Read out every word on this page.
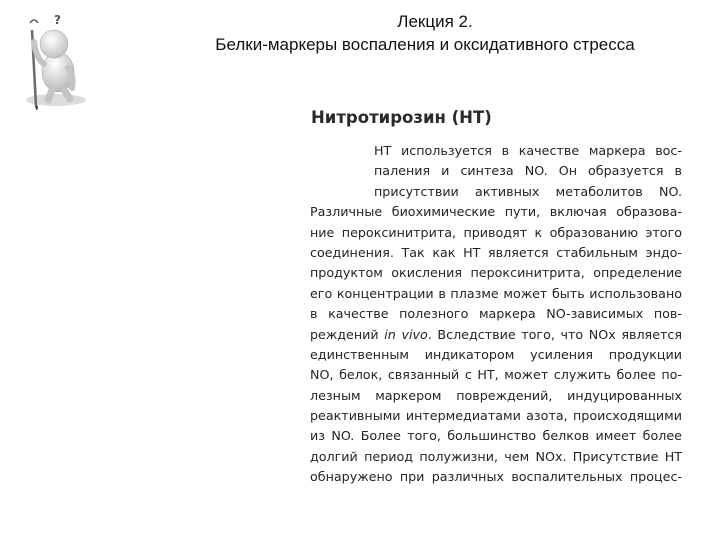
Лекция 2.
Белки-маркеры воспаления и оксидативного стресса
?
Нитротирозин (НТ)
НТ используется в качестве маркера вос-
паления и синтеза NO. Он образуется в
присутствии активных метаболитов NO.
Различные биохимические пути, включая образова-
ние пероксинитрита, приводят к образованию этого
соединения. Так как НТ является стабильным эндо-
продуктом окисления пероксинитрита, определение
его концентрации в плазме может быть использовано
в качестве полезного маркера NO-зависимых пов-
реждений in vivo. Вследствие того, что NOx является
единственным индикатором усиления продукции
NO, белок, связанный с НТ, может служить более по-
лезным маркером повреждений, индуцированных
реактивными интермедиатами азота, происходящими
из NO. Более того, большинство белков имеет более
долгий период полужизни, чем NOx. Присутствие НТ
обнаружено при различных воспалительных процес-
